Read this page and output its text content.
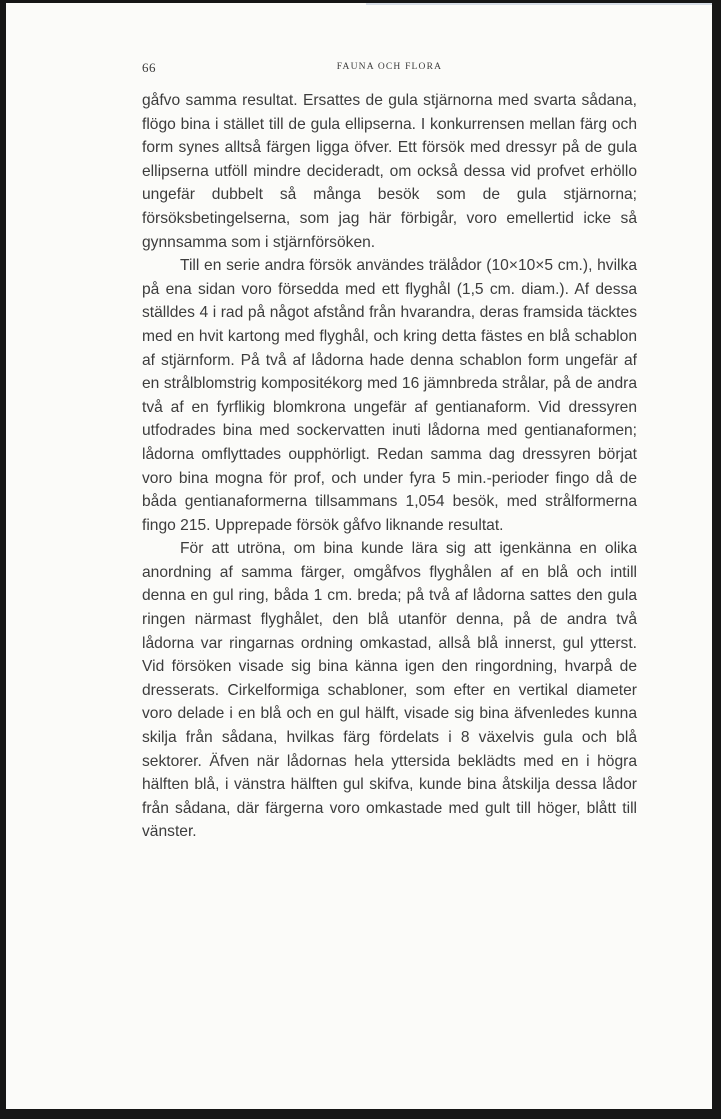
66	FAUNA OCH FLORA

gåfvo samma resultat. Ersattes de gula stjärnorna med svarta sådana, flögo bina i stället till de gula ellipserna. I konkurrensen mellan färg och form synes alltså färgen ligga öfver. Ett försök med dressyr på de gula ellipserna utföll mindre decideradt, om också dessa vid profvet erhöllo ungefär dubbelt så många besök som de gula stjärnorna; försöksbetingelserna, som jag här förbigår, voro emellertid icke så gynnsamma som i stjärnförsöken.

Till en serie andra försök användes trälådor (10×10×5 cm.), hvilka på ena sidan voro försedda med ett flyghål (1,5 cm. diam.). Af dessa ställdes 4 i rad på något afstånd från hvarandra, deras framsida täcktes med en hvit kartong med flyghål, och kring detta fästes en blå schablon af stjärnform. På två af lådorna hade denna schablon form ungefär af en strålblomstrig kompositékorg med 16 jämnbreda strålar, på de andra två af en fyrflikig blomkrona ungefär af gentianaform. Vid dressyren utfodrades bina med sockervatten inuti lådorna med gentianaformen; lådorna omflyttades oupphörligt. Redan samma dag dressyren börjat voro bina mogna för prof, och under fyra 5 min.-perioder fingo då de båda gentianaformerna tillsammans 1,054 besök, med strålformerna fingo 215. Upprepade försök gåfvo liknande resultat.

För att utröna, om bina kunde lära sig att igenkänna en olika anordning af samma färger, omgåfvos flyghålen af en blå och intill denna en gul ring, båda 1 cm. breda; på två af lådorna sattes den gula ringen närmast flyghålet, den blå utanför denna, på de andra två lådorna var ringarnas ordning omkastad, allså blå innerst, gul ytterst. Vid försöken visade sig bina känna igen den ringordning, hvarpå de dresserats. Cirkelformiga schabloner, som efter en vertikal diameter voro delade i en blå och en gul hälft, visade sig bina äfvenledes kunna skilja från sådana, hvilkas färg fördelats i 8 växelvis gula och blå sektorer. Äfven när lådornas hela yttersida beklädts med en i högra hälften blå, i vänstra hälften gul skifva, kunde bina åtskilja dessa lådor från sådana, där färgerna voro omkastade med gult till höger, blått till vänster.
